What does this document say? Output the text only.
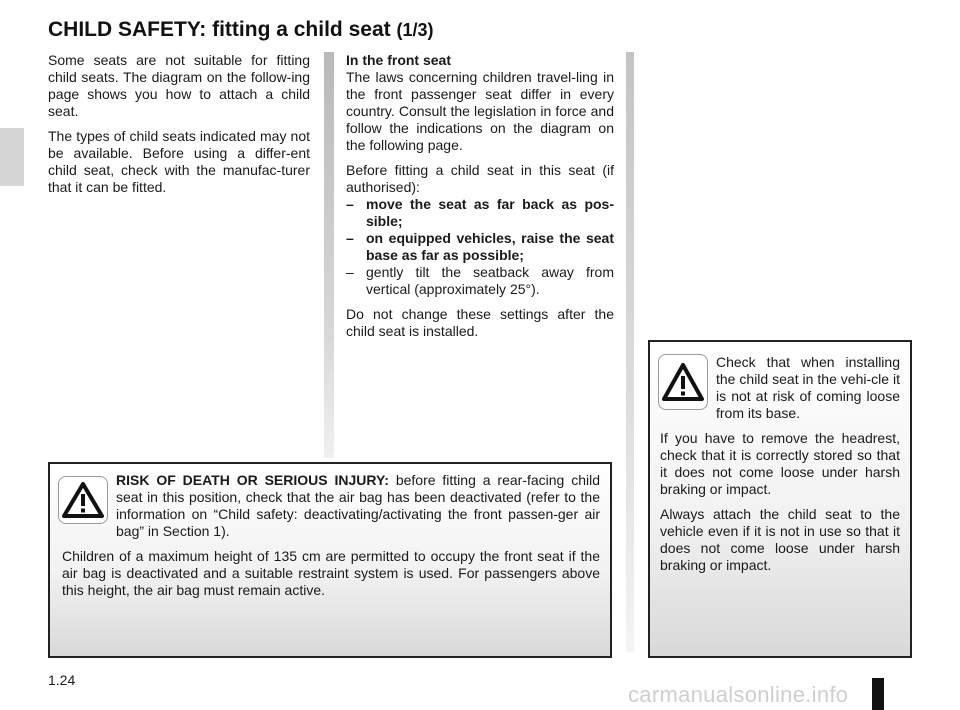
CHILD SAFETY: fitting a child seat (1/3)

Some seats are not suitable for fitting child seats. The diagram on the follow-ing page shows you how to attach a child seat.

The types of child seats indicated may not be available. Before using a differ-ent child seat, check with the manufac-turer that it can be fitted.

In the front seat
The laws concerning children travel-ling in the front passenger seat differ in every country. Consult the legislation in force and follow the indications on the diagram on the following page.

Before fitting a child seat in this seat (if authorised):

– move the seat as far back as pos-sible;
– on equipped vehicles, raise the seat base as far as possible;
– gently tilt the seatback away from vertical (approximately 25°).

Do not change these settings after the child seat is installed.

Check that when installing the child seat in the vehi-cle it is not at risk of coming loose from its base.

If you have to remove the headrest, check that it is correctly stored so that it does not come loose under harsh braking or impact.

Always attach the child seat to the vehicle even if it is not in use so that it does not come loose under harsh braking or impact.

RISK OF DEATH OR SERIOUS INJURY: before fitting a rear-facing child seat in this position, check that the air bag has been deactivated (refer to the information on “Child safety: deactivating/activating the front passen-ger air bag” in Section 1).

Children of a maximum height of 135 cm are permitted to occupy the front seat if the air bag is deactivated and a suitable restraint system is used. For passengers above this height, the air bag must remain active.

1.24
carmanualsonline.info
